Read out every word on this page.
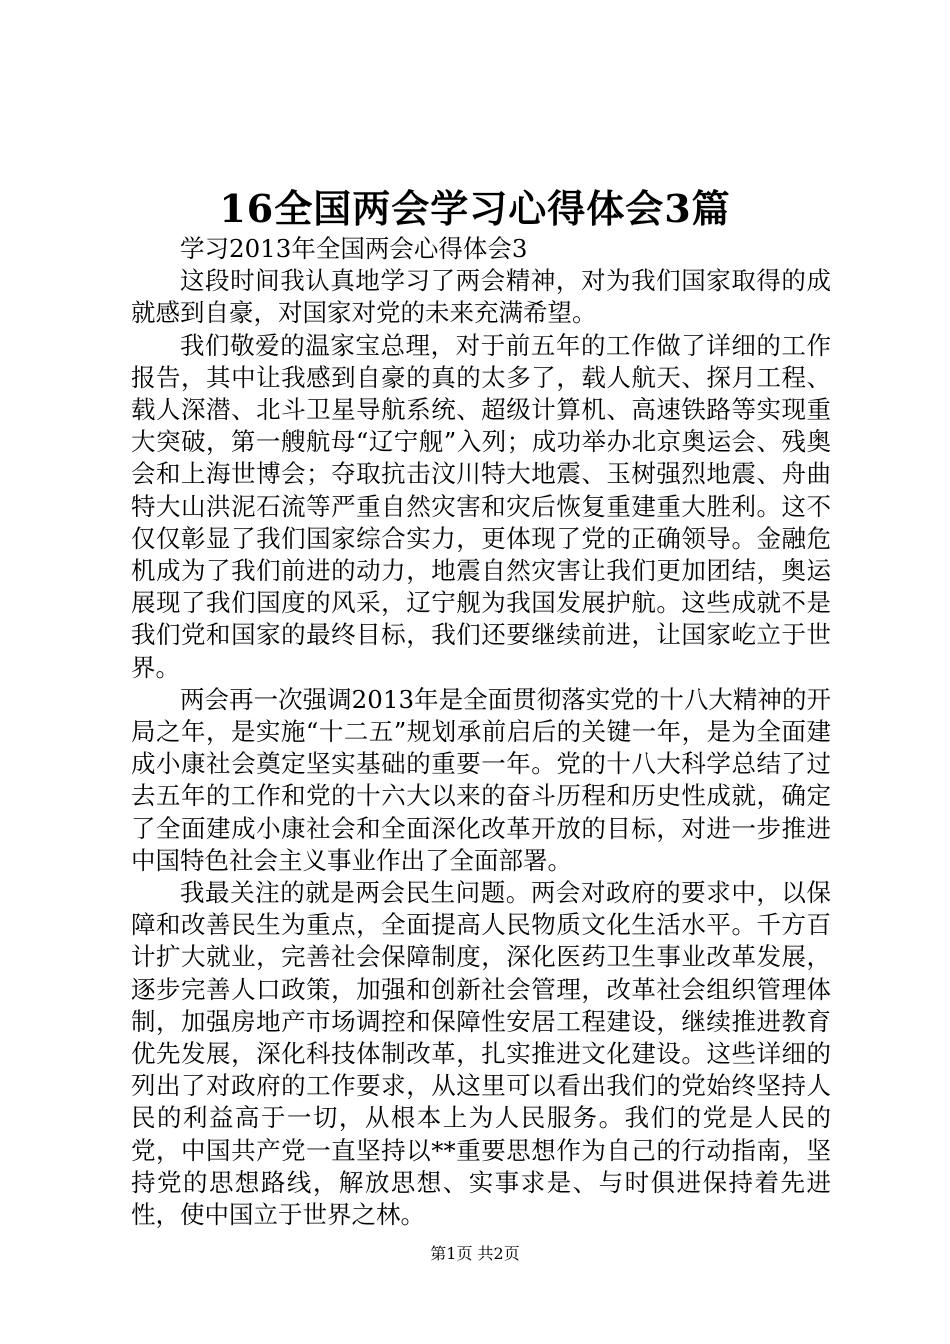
16全国两会学习心得体会3篇

学习2013年全国两会心得体会3

这段时间我认真地学习了两会精神，对为我们国家取得的成就感到自豪，对国家对党的未来充满希望。

我们敬爱的温家宝总理，对于前五年的工作做了详细的工作报告，其中让我感到自豪的真的太多了，载人航天、探月工程、载人深潜、北斗卫星导航系统、超级计算机、高速铁路等实现重大突破，第一艘航母“辽宁舰”入列；成功举办北京奥运会、残奥会和上海世博会；夺取抗击汶川特大地震、玉树强烈地震、舟曲特大山洪泥石流等严重自然灾害和灾后恢复重建重大胜利。这不仅仅彰显了我们国家综合实力，更体现了党的正确领导。金融危机成为了我们前进的动力，地震自然灾害让我们更加团结，奥运展现了我们国度的风采，辽宁舰为我国发展护航。这些成就不是我们党和国家的最终目标，我们还要继续前进，让国家屹立于世界。

两会再一次强调2013年是全面贯彻落实党的十八大精神的开局之年，是实施“十二五”规划承前启后的关键一年，是为全面建成小康社会奠定坚实基础的重要一年。党的十八大科学总结了过去五年的工作和党的十六大以来的奋斗历程和历史性成就，确定了全面建成小康社会和全面深化改革开放的目标，对进一步推进中国特色社会主义事业作出了全面部署。

我最关注的就是两会民生问题。两会对政府的要求中，以保障和改善民生为重点，全面提高人民物质文化生活水平。千方百计扩大就业，完善社会保障制度，深化医药卫生事业改革发展，逐步完善人口政策，加强和创新社会管理，改革社会组织管理体制，加强房地产市场调控和保障性安居工程建设，继续推进教育优先发展，深化科技体制改革，扎实推进文化建设。这些详细的列出了对政府的工作要求，从这里可以看出我们的党始终坚持人民的利益高于一切，从根本上为人民服务。我们的党是人民的党，中国共产党一直坚持以**重要思想作为自己的行动指南，坚持党的思想路线，解放思想、实事求是、与时俱进保持着先进性，使中国立于世界之林。

第1页 共2页
